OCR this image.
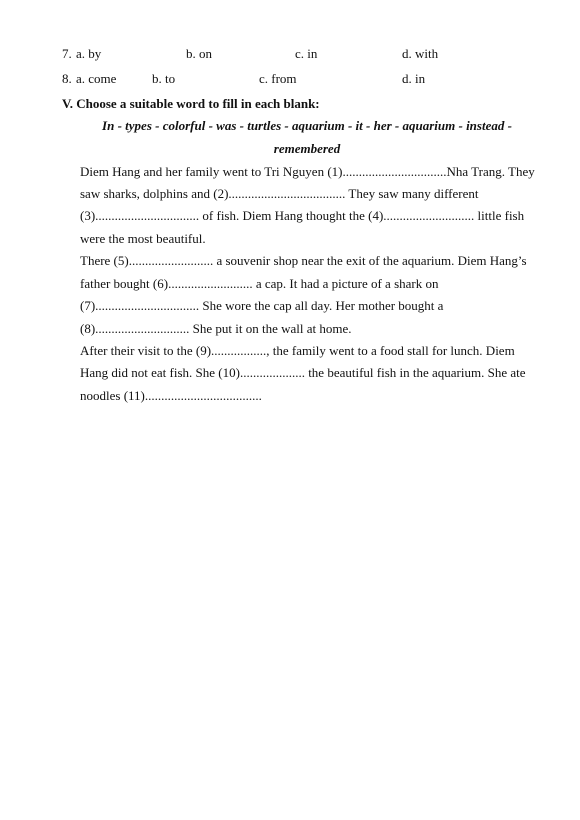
7. a. by	b. on	c. in	d. with
8. a. come	b. to	c. from	d. in
V. Choose a suitable word to fill in each blank:
In - types - colorful - was - turtles - aquarium - it - her - aquarium - instead -
remembered
Diem Hang and her family went to Tri Nguyen (1)................................Nha Trang. They
saw sharks, dolphins and (2).................................... They saw many different
(3)................................ of fish. Diem Hang thought the (4)............................ little fish
were the most beautiful.
There (5).......................... a souvenir shop near the exit of the aquarium. Diem Hang’s
father bought (6).......................... a cap. It had a picture of a shark on
(7)................................ She wore the cap all day. Her mother bought a
(8)............................. She put it on the wall at home.
After their visit to the (9)................., the family went to a food stall for lunch. Diem
Hang did not eat fish. She (10).................... the beautiful fish in the aquarium. She ate
noodles (11)....................................
